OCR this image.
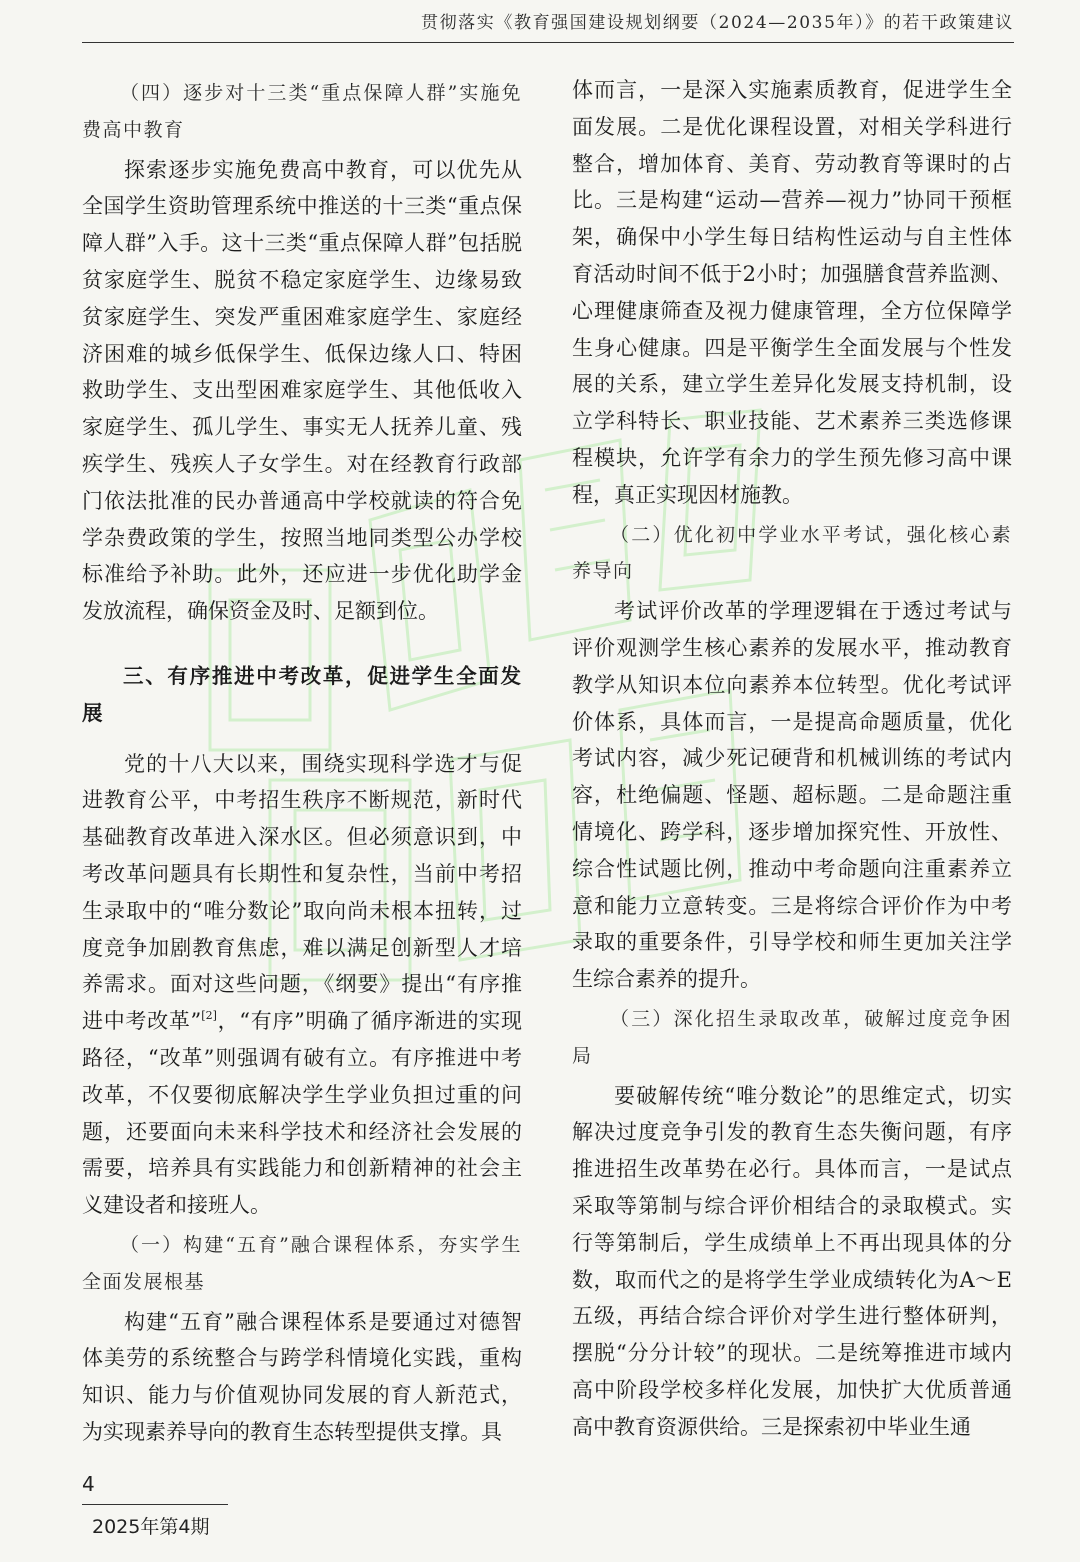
贯彻落实《教育强国建设规划纲要（2024—2035年）》的若干政策建议

（四）逐步对十三类“重点保障人群”实施免费高中教育

探索逐步实施免费高中教育，可以优先从全国学生资助管理系统中推送的十三类“重点保障人群”入手。这十三类“重点保障人群”包括脱贫家庭学生、脱贫不稳定家庭学生、边缘易致贫家庭学生、突发严重困难家庭学生、家庭经济困难的城乡低保学生、低保边缘人口、特困救助学生、支出型困难家庭学生、其他低收入家庭学生、孤儿学生、事实无人抚养儿童、残疾学生、残疾人子女学生。对在经教育行政部门依法批准的民办普通高中学校就读的符合免学杂费政策的学生，按照当地同类型公办学校标准给予补助。此外，还应进一步优化助学金发放流程，确保资金及时、足额到位。

三、有序推进中考改革，促进学生全面发展

党的十八大以来，围绕实现科学选才与促进教育公平，中考招生秩序不断规范，新时代基础教育改革进入深水区。但必须意识到，中考改革问题具有长期性和复杂性，当前中考招生录取中的“唯分数论”取向尚未根本扭转，过度竞争加剧教育焦虑，难以满足创新型人才培养需求。面对这些问题，《纲要》提出“有序推进中考改革”[2]，“有序”明确了循序渐进的实现路径，“改革”则强调有破有立。有序推进中考改革，不仅要彻底解决学生学业负担过重的问题，还要面向未来科学技术和经济社会发展的需要，培养具有实践能力和创新精神的社会主义建设者和接班人。

（一）构建“五育”融合课程体系，夯实学生全面发展根基

构建“五育”融合课程体系是要通过对德智体美劳的系统整合与跨学科情境化实践，重构知识、能力与价值观协同发展的育人新范式，为实现素养导向的教育生态转型提供支撑。具

体而言，一是深入实施素质教育，促进学生全面发展。二是优化课程设置，对相关学科进行整合，增加体育、美育、劳动教育等课时的占比。三是构建“运动—营养—视力”协同干预框架，确保中小学生每日结构性运动与自主性体育活动时间不低于2小时；加强膳食营养监测、心理健康筛查及视力健康管理，全方位保障学生身心健康。四是平衡学生全面发展与个性发展的关系，建立学生差异化发展支持机制，设立学科特长、职业技能、艺术素养三类选修课程模块，允许学有余力的学生预先修习高中课程，真正实现因材施教。

（二）优化初中学业水平考试，强化核心素养导向

考试评价改革的学理逻辑在于透过考试与评价观测学生核心素养的发展水平，推动教育教学从知识本位向素养本位转型。优化考试评价体系，具体而言，一是提高命题质量，优化考试内容，减少死记硬背和机械训练的考试内容，杜绝偏题、怪题、超标题。二是命题注重情境化、跨学科，逐步增加探究性、开放性、综合性试题比例，推动中考命题向注重素养立意和能力立意转变。三是将综合评价作为中考录取的重要条件，引导学校和师生更加关注学生综合素养的提升。

（三）深化招生录取改革，破解过度竞争困局

要破解传统“唯分数论”的思维定式，切实解决过度竞争引发的教育生态失衡问题，有序推进招生改革势在必行。具体而言，一是试点采取等第制与综合评价相结合的录取模式。实行等第制后，学生成绩单上不再出现具体的分数，取而代之的是将学生学业成绩转化为A～E五级，再结合综合评价对学生进行整体研判，摆脱“分分计较”的现状。二是统筹推进市域内高中阶段学校多样化发展，加快扩大优质普通高中教育资源供给。三是探索初中毕业生通

4
2025年第4期
